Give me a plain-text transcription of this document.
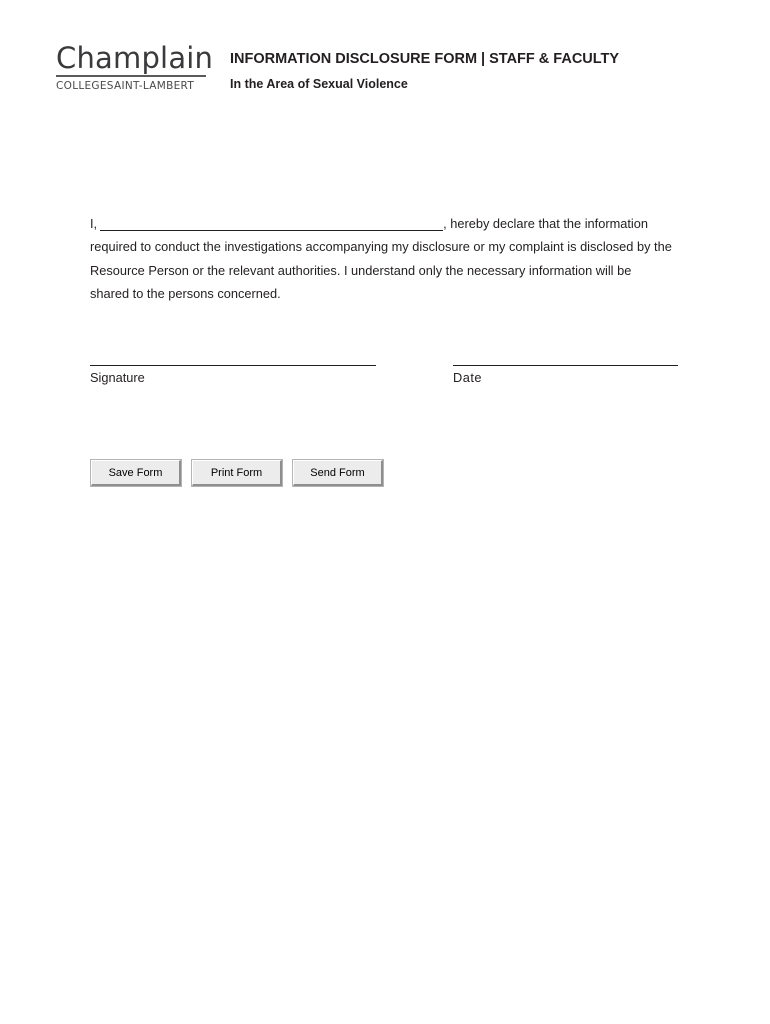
Champlain
COLLEGESAINT-LAMBERT
INFORMATION DISCLOSURE FORM | STAFF & FACULTY
In the Area of Sexual Violence
I,	, hereby declare that the information
required to conduct the investigations accompanying my disclosure or my complaint is disclosed by the
Resource Person or the relevant authorities. I understand only the necessary information will be
shared to the persons concerned.
Signature	Date
Save Form	Print Form	Send Form
